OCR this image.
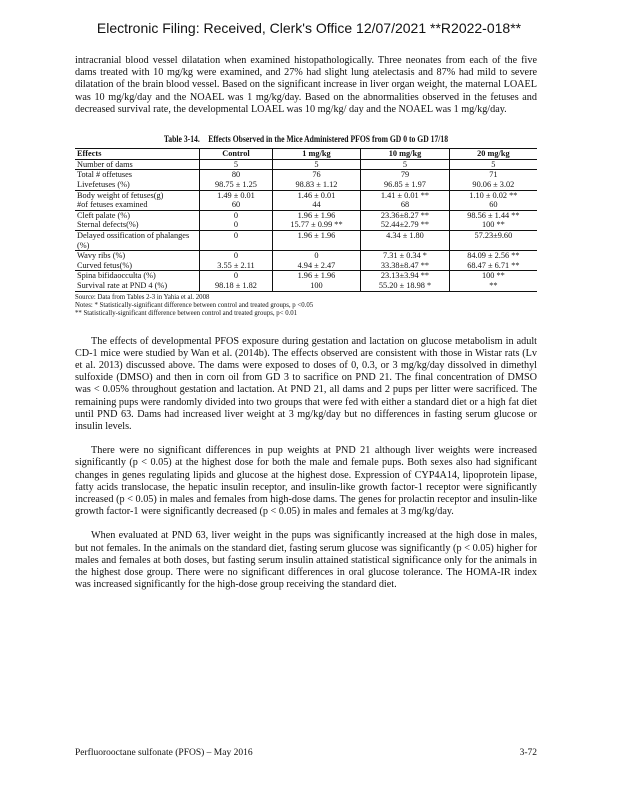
Electronic Filing: Received, Clerk's Office 12/07/2021 **R2022-018**

intracranial blood vessel dilatation when examined histopathologically. Three neonates from each of the five dams treated with 10 mg/kg were examined, and 27% had slight lung atelectasis and 87% had mild to severe dilatation of the brain blood vessel. Based on the significant increase in liver organ weight, the maternal LOAEL was 10 mg/kg/day and the NOAEL was 1 mg/kg/day. Based on the abnormalities observed in the fetuses and decreased survival rate, the developmental LOAEL was 10 mg/kg/ day and the NOAEL was 1 mg/kg/day.

Table 3-14. Effects Observed in the Mice Administered PFOS from GD 0 to GD 17/18
Effects	Control	1 mg/kg	10 mg/kg	20 mg/kg
Number of dams	5	5	5	5
Total # offetuses	80	76	79	71
Livefetuses (%)	98.75 ± 1.25	98.83 ± 1.12	96.85 ± 1.97	90.06 ± 3.02
Body weight of fetuses(g)	1.49 ± 0.01	1.46 ± 0.01	1.41 ± 0.01 **	1.10 ± 0.02 **
#of fetuses examined	60	44	68	60
Cleft palate (%)	0	1.96 ± 1.96	23.36±8.27 **	98.56 ± 1.44 **
Sternal defects(%)	0	15.77 ± 0.99 **	52.44±2.79 **	100 **
Delayed ossification of phalanges (%)	0	1.96 ± 1.96	4.34 ± 1.80	57.23±9.60
Wavy ribs (%)	0	0	7.31 ± 0.34 *	84.09 ± 2.56 **
Curved fetus(%)	3.55 ± 2.11	4.94 ± 2.47	33.38±8.47 **	68.47 ± 6.71 **
Spina bifidaocculta (%)	0	1.96 ± 1.96	23.13±3.94 **	100 **
Survival rate at PND 4 (%)	98.18 ± 1.82	100	55.20 ± 18.98 *	**
Source: Data from Tables 2-3 in Yahia et al. 2008
Notes: * Statistically-significant difference between control and treated groups, p <0.05
** Statistically-significant difference between control and treated groups, p< 0.01

The effects of developmental PFOS exposure during gestation and lactation on glucose metabolism in adult CD-1 mice were studied by Wan et al. (2014b). The effects observed are consistent with those in Wistar rats (Lv et al. 2013) discussed above. The dams were exposed to doses of 0, 0.3, or 3 mg/kg/day dissolved in dimethyl sulfoxide (DMSO) and then in corn oil from GD 3 to sacrifice on PND 21. The final concentration of DMSO was < 0.05% throughout gestation and lactation. At PND 21, all dams and 2 pups per litter were sacrificed. The remaining pups were randomly divided into two groups that were fed with either a standard diet or a high fat diet until PND 63. Dams had increased liver weight at 3 mg/kg/day but no differences in fasting serum glucose or insulin levels.

There were no significant differences in pup weights at PND 21 although liver weights were increased significantly (p < 0.05) at the highest dose for both the male and female pups. Both sexes also had significant changes in genes regulating lipids and glucose at the highest dose. Expression of CYP4A14, lipoprotein lipase, fatty acids translocase, the hepatic insulin receptor, and insulin-like growth factor-1 receptor were significantly increased (p < 0.05) in males and females from high-dose dams. The genes for prolactin receptor and insulin-like growth factor-1 were significantly decreased (p < 0.05) in males and females at 3 mg/kg/day.

When evaluated at PND 63, liver weight in the pups was significantly increased at the high dose in males, but not females. In the animals on the standard diet, fasting serum glucose was significantly (p < 0.05) higher for males and females at both doses, but fasting serum insulin attained statistical significance only for the animals in the highest dose group. There were no significant differences in oral glucose tolerance. The HOMA-IR index was increased significantly for the high-dose group receiving the standard diet.

Perfluorooctane sulfonate (PFOS) – May 2016	3-72
